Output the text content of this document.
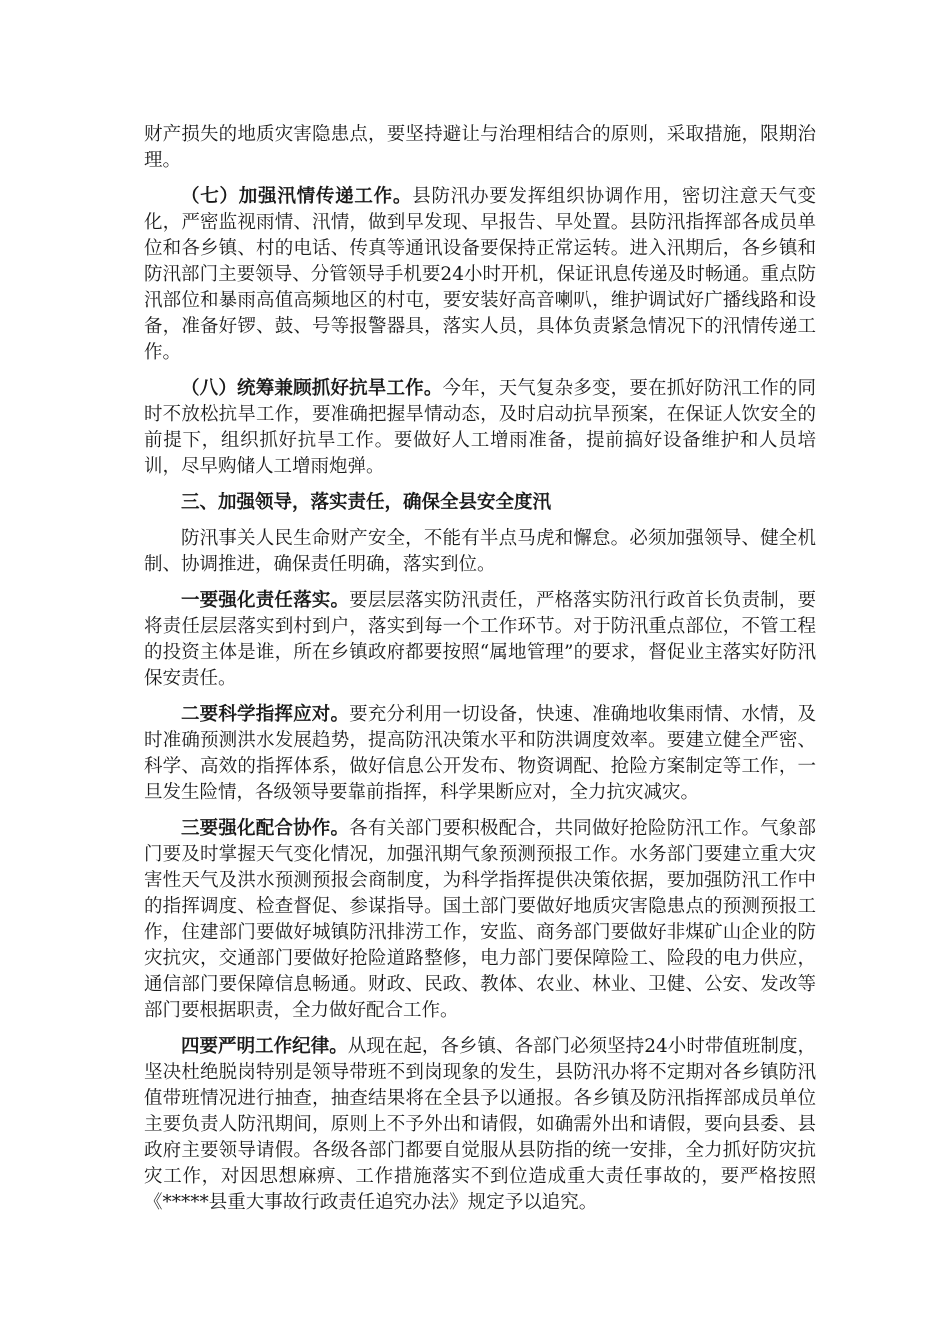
财产损失的地质灾害隐患点，要坚持避让与治理相结合的原则，采取措施，限期治理。

（七）加强汛情传递工作。县防汛办要发挥组织协调作用，密切注意天气变化，严密监视雨情、汛情，做到早发现、早报告、早处置。县防汛指挥部各成员单位和各乡镇、村的电话、传真等通讯设备要保持正常运转。进入汛期后，各乡镇和防汛部门主要领导、分管领导手机要24小时开机，保证讯息传递及时畅通。重点防汛部位和暴雨高值高频地区的村屯，要安装好高音喇叭，维护调试好广播线路和设备，准备好锣、鼓、号等报警器具，落实人员，具体负责紧急情况下的汛情传递工作。

（八）统筹兼顾抓好抗旱工作。今年，天气复杂多变，要在抓好防汛工作的同时不放松抗旱工作，要准确把握旱情动态，及时启动抗旱预案，在保证人饮安全的前提下，组织抓好抗旱工作。要做好人工增雨准备，提前搞好设备维护和人员培训，尽早购储人工增雨炮弹。

三、加强领导，落实责任，确保全县安全度汛

防汛事关人民生命财产安全，不能有半点马虎和懈怠。必须加强领导、健全机制、协调推进，确保责任明确，落实到位。

一要强化责任落实。要层层落实防汛责任，严格落实防汛行政首长负责制，要将责任层层落实到村到户，落实到每一个工作环节。对于防汛重点部位，不管工程的投资主体是谁，所在乡镇政府都要按照“属地管理”的要求，督促业主落实好防汛保安责任。

二要科学指挥应对。要充分利用一切设备，快速、准确地收集雨情、水情，及时准确预测洪水发展趋势，提高防汛决策水平和防洪调度效率。要建立健全严密、科学、高效的指挥体系，做好信息公开发布、物资调配、抢险方案制定等工作，一旦发生险情，各级领导要靠前指挥，科学果断应对，全力抗灾减灾。

三要强化配合协作。各有关部门要积极配合，共同做好抢险防汛工作。气象部门要及时掌握天气变化情况，加强汛期气象预测预报工作。水务部门要建立重大灾害性天气及洪水预测预报会商制度，为科学指挥提供决策依据，要加强防汛工作中的指挥调度、检查督促、参谋指导。国土部门要做好地质灾害隐患点的预测预报工作，住建部门要做好城镇防汛排涝工作，安监、商务部门要做好非煤矿山企业的防灾抗灾，交通部门要做好抢险道路整修，电力部门要保障险工、险段的电力供应，通信部门要保障信息畅通。财政、民政、教体、农业、林业、卫健、公安、发改等部门要根据职责，全力做好配合工作。

四要严明工作纪律。从现在起，各乡镇、各部门必须坚持24小时带值班制度，坚决杜绝脱岗特别是领导带班不到岗现象的发生，县防汛办将不定期对各乡镇防汛值带班情况进行抽查，抽查结果将在全县予以通报。各乡镇及防汛指挥部成员单位主要负责人防汛期间，原则上不予外出和请假，如确需外出和请假，要向县委、县政府主要领导请假。各级各部门都要自觉服从县防指的统一安排，全力抓好防灾抗灾工作，对因思想麻痹、工作措施落实不到位造成重大责任事故的，要严格按照《*****县重大事故行政责任追究办法》规定予以追究。
